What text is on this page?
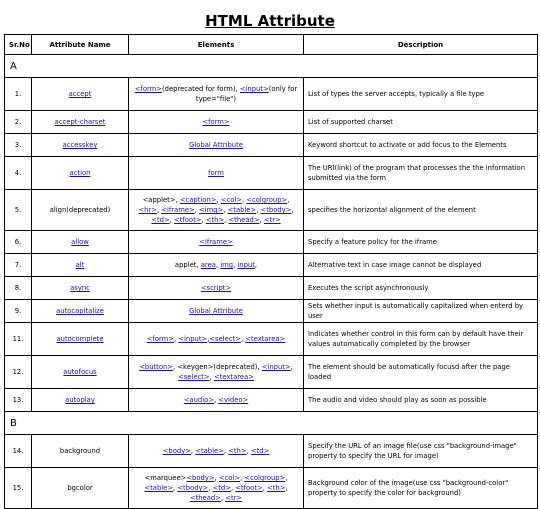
HTML Attribute
Sr.No	Attribute Name	Elements	Description
A			
1.	accept	<form>(deprecated for form), <input>(only for type="file")	List of types the server accepts, typically a file type
2.	accept-charset	<form>	List of supported charset
3.	accesskey	Global Attribute	Keyword shortcut to activate or add focus to the Elements
4.	action	form	The URI(link) of the program that processes the the information submitted via the form
5.	align(deprecated)	<applet>, <caption>, <col>, <colgroup>, <hr>, <iframe>, <img>, <table>, <tbody>, <td>, <tfoot>, <th>, <thead>, <tr>	specifies the horizontal alignment of the element
6.	allow	<iframe>	Specify a feature policy for the iframe
7.	alt	applet, area, img, input,	Alternative text in case image cannot be displayed
8.	async	<script>	Executes the script asynchronously
9.	autocapitalize	Global Attribute	Sets whether input is automatically capitalized when enterd by user
11.	autocomplete	<form>, <input>,<select>, <textarea>	Indicates whether control in this form can by default have their values automatically completed by the browser
12.	autofocus	<button>, <keygen>(deprecated), <input>, <select>, <textarea>	The element should be automatically focusd after the page loaded
13.	autoplay	<audio>, <video>	The audio and video should play as soon as possible
B			
14.	background	<body>, <table>, <th>, <td>	Specify the URL of an image file(use css "background-image" property to specify the URL for image)
15.	bgcolor	<marquee><body>, <col>, <colgroup>, <table>, <tbody>, <td>, <tfoot>, <th>, <thead>, <tr>	Background color of the image(use css "background-color" property to specify the color for background)
